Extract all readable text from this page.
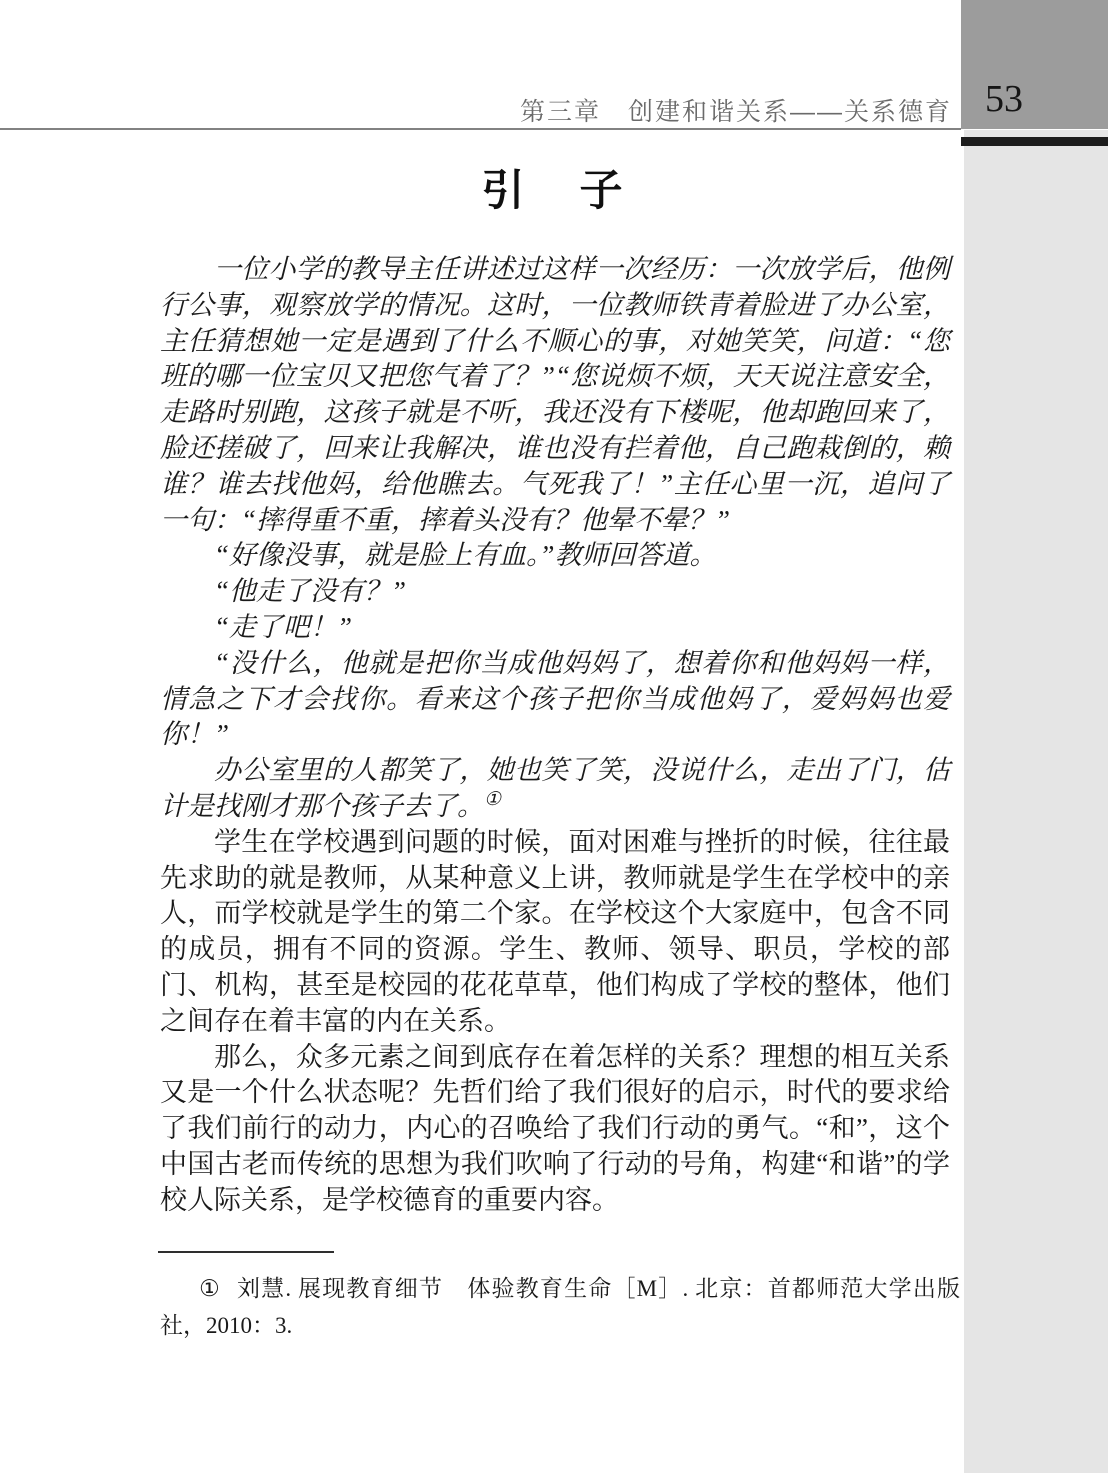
53
第三章　创建和谐关系——关系德育
引　子

一位小学的教导主任讲述过这样一次经历：一次放学后，他例行公事，观察放学的情况。这时，一位教师铁青着脸进了办公室，主任猜想她一定是遇到了什么不顺心的事，对她笑笑，问道：“您班的哪一位宝贝又把您气着了？”“您说烦不烦，天天说注意安全，走路时别跑，这孩子就是不听，我还没有下楼呢，他却跑回来了，脸还搓破了，回来让我解决，谁也没有拦着他，自己跑栽倒的，赖谁？谁去找他妈，给他瞧去。气死我了！”主任心里一沉，追问了一句：“摔得重不重，摔着头没有？他晕不晕？”

“好像没事，就是脸上有血。”教师回答道。

“他走了没有？”

“走了吧！”

“没什么，他就是把你当成他妈妈了，想着你和他妈妈一样，情急之下才会找你。看来这个孩子把你当成他妈了，爱妈妈也爱你！”

办公室里的人都笑了，她也笑了笑，没说什么，走出了门，估计是找刚才那个孩子去了。①

学生在学校遇到问题的时候，面对困难与挫折的时候，往往最先求助的就是教师，从某种意义上讲，教师就是学生在学校中的亲人，而学校就是学生的第二个家。在学校这个大家庭中，包含不同的成员，拥有不同的资源。学生、教师、领导、职员，学校的部门、机构，甚至是校园的花花草草，他们构成了学校的整体，他们之间存在着丰富的内在关系。

那么，众多元素之间到底存在着怎样的关系？理想的相互关系又是一个什么状态呢？先哲们给了我们很好的启示，时代的要求给了我们前行的动力，内心的召唤给了我们行动的勇气。“和”，这个中国古老而传统的思想为我们吹响了行动的号角，构建“和谐”的学校人际关系，是学校德育的重要内容。

① 刘慧. 展现教育细节　体验教育生命［M］. 北京：首都师范大学出版社，2010：3.
